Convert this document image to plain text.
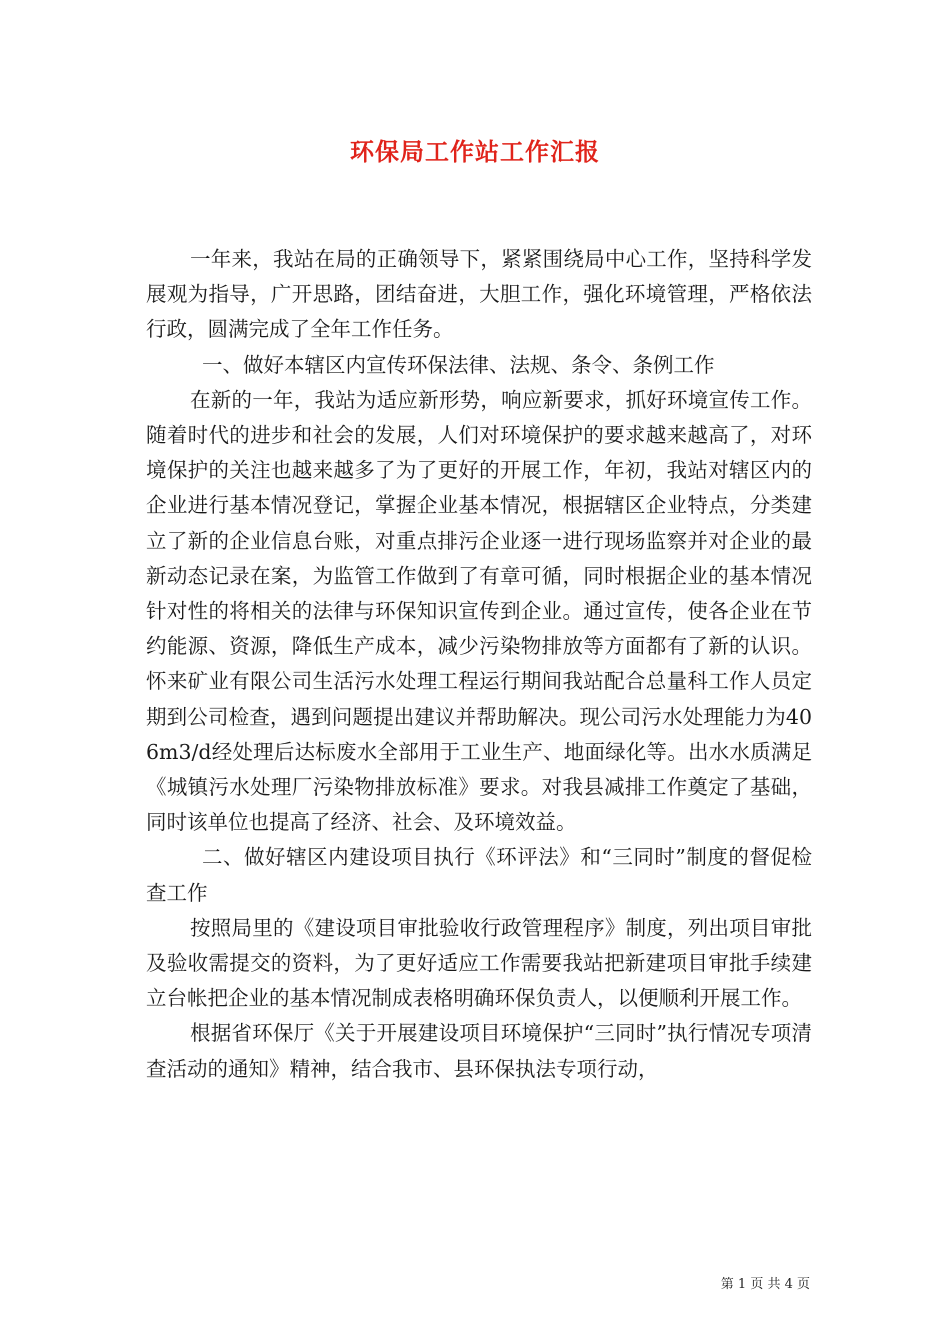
环保局工作站工作汇报

一年来，我站在局的正确领导下，紧紧围绕局中心工作，坚持科学发展观为指导，广开思路，团结奋进，大胆工作，强化环境管理，严格依法行政，圆满完成了全年工作任务。

一、做好本辖区内宣传环保法律、法规、条令、条例工作

在新的一年，我站为适应新形势，响应新要求，抓好环境宣传工作。随着时代的进步和社会的发展，人们对环境保护的要求越来越高了，对环境保护的关注也越来越多了为了更好的开展工作，年初，我站对辖区内的企业进行基本情况登记，掌握企业基本情况，根据辖区企业特点，分类建立了新的企业信息台账，对重点排污企业逐一进行现场监察并对企业的最新动态记录在案，为监管工作做到了有章可循，同时根据企业的基本情况针对性的将相关的法律与环保知识宣传到企业。通过宣传，使各企业在节约能源、资源，降低生产成本，减少污染物排放等方面都有了新的认识。怀来矿业有限公司生活污水处理工程运行期间我站配合总量科工作人员定期到公司检查，遇到问题提出建议并帮助解决。现公司污水处理能力为406m3/d经处理后达标废水全部用于工业生产、地面绿化等。出水水质满足《城镇污水处理厂污染物排放标准》要求。对我县减排工作奠定了基础，同时该单位也提高了经济、社会、及环境效益。

二、做好辖区内建设项目执行《环评法》和“三同时”制度的督促检查工作

按照局里的《建设项目审批验收行政管理程序》制度，列出项目审批及验收需提交的资料，为了更好适应工作需要我站把新建项目审批手续建立台帐把企业的基本情况制成表格明确环保负责人，以便顺利开展工作。

根据省环保厅《关于开展建设项目环境保护“三同时”执行情况专项清查活动的通知》精神，结合我市、县环保执法专项行动，

第 1 页 共 4 页
